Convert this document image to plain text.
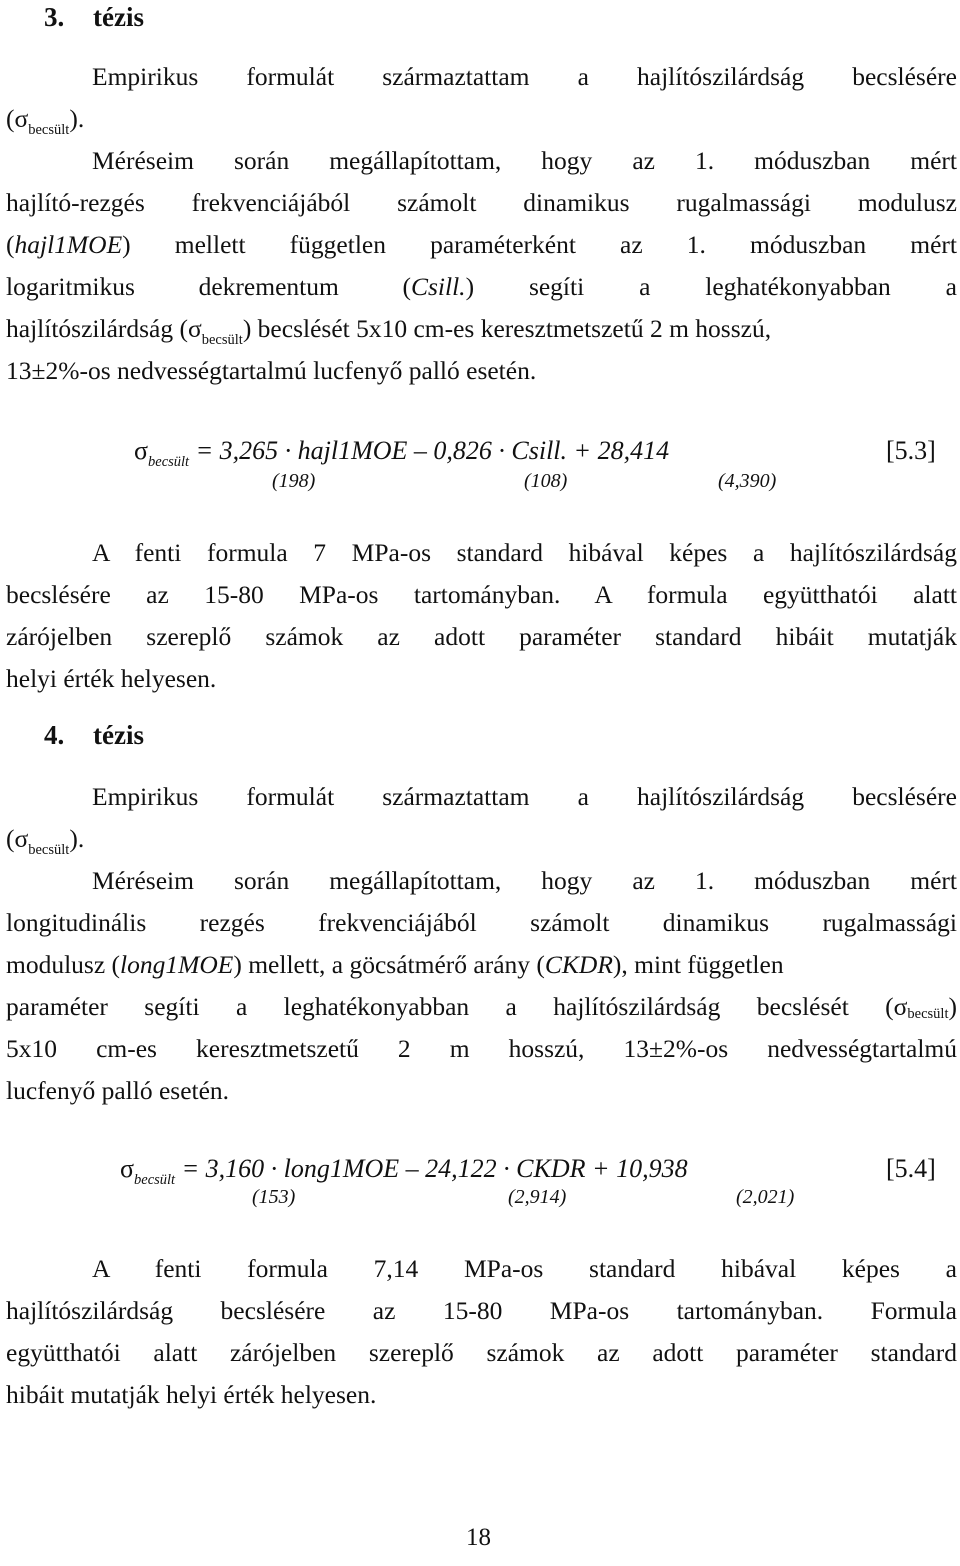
3. tézis
Empirikus formulát származtattam a hajlítószilárdság becslésére
$(\sigma_{becsült})$.
Méréseim során megállapítottam, hogy az 1. móduszban mért
hajlító-rezgés frekvenciájából számolt dinamikus rugalmassági modulusz
(hajl1MOE ) mellett független paraméterként az 1. móduszban mért
logaritmikus dekrementum ( Csill. ) segíti a leghatékonyabban a
hajlítószilárdság $(\sigma_{becsült})$ becslését 5x10 cm-es keresztmetszetű 2 m hosszú,
13±2%-os nedvességtartalmú lucfenyő palló esetén.
$\sigma_{becsült} = 3,265$ · hajl1MOE – 0,826 · Csill. + 28,414	[5.3]
(198)	(108)	(4,390)
A fenti formula 7 MPa-os standard hibával képes a hajlítószilárdság
becslésére az 15-80 MPa-os tartományban. A formula együtthatói alatt
zárójelben szereplő számok az adott paraméter standard hibáit mutatják
helyi érték helyesen.
4. tézis
Empirikus formulát származtattam a hajlítószilárdság becslésére
$(\sigma_{becsült})$.
Méréseim során megállapítottam, hogy az 1. móduszban mért
longitudinális rezgés frekvenciájából számolt dinamikus rugalmassági
modulusz (long1MOE) mellett, a göcsátmérő arány (CKDR), mint független
paraméter segíti a leghatékonyabban a hajlítószilárdság becslését (σ becsült )
5x10 cm-es keresztmetszetű 2 m hosszú, 13±2%-os nedvességtartalmú
lucfenyő palló esetén.
$\sigma_{becsült} = 3,160$ · long1MOE – 24,122 · CKDR + 10,938	[5.4]
(153)	(2,914)	(2,021)
A fenti formula 7,14 MPa-os standard hibával képes a
hajlítószilárdság becslésére az 15-80 MPa-os tartományban. Formula
együtthatói alatt zárójelben szereplő számok az adott paraméter standard
hibáit mutatják helyi érték helyesen.
18
